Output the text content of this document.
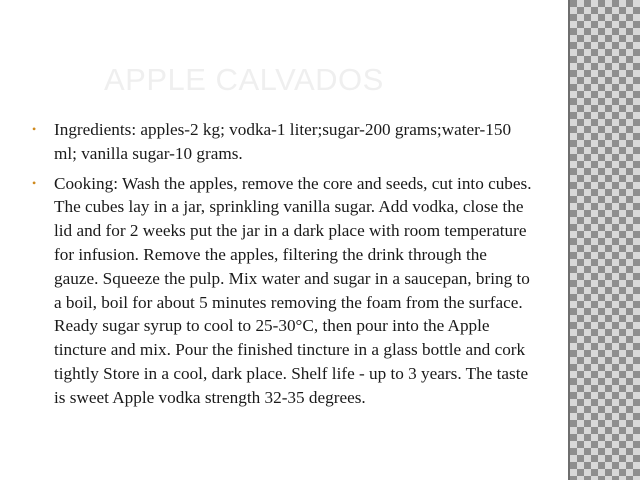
APPLE CALVADOS
• Ingredients: apples-2 kg; vodka-1 liter;sugar-200 grams;water-150 ml; vanilla sugar-10 grams.
• Cooking: Wash the apples, remove the core and seeds, cut into cubes. The cubes lay in a jar, sprinkling vanilla sugar. Add vodka, close the lid and for 2 weeks put the jar in a dark place with room temperature for infusion. Remove the apples, filtering the drink through the gauze. Squeeze the pulp. Mix water and sugar in a saucepan, bring to a boil, boil for about 5 minutes removing the foam from the surface. Ready sugar syrup to cool to 25-30°C, then pour into the Apple tincture and mix. Pour the finished tincture in a glass bottle and cork tightly Store in a cool, dark place. Shelf life - up to 3 years. The taste is sweet Apple vodka strength 32-35 degrees.
